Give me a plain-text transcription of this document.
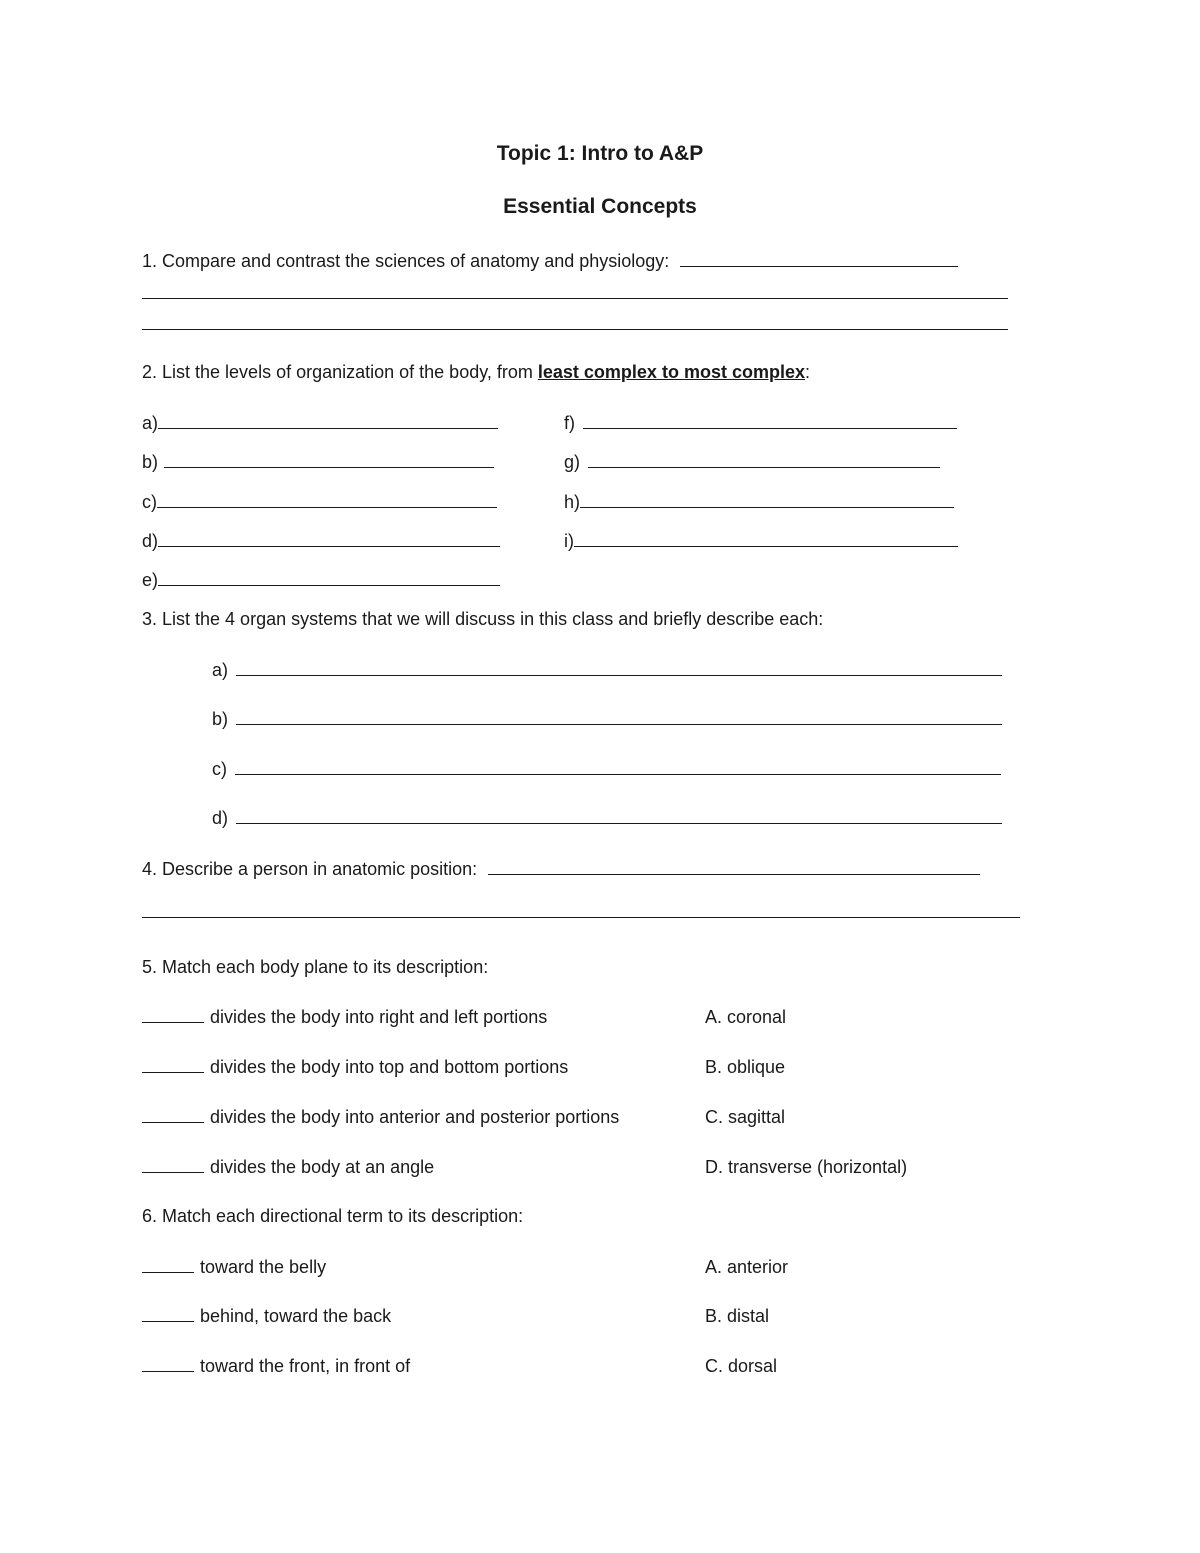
Topic 1: Intro to A&P
Essential Concepts
1. Compare and contrast the sciences of anatomy and physiology:
2. List the levels of organization of the body, from least complex to most complex:
a)
b)
c)
d)
e)
f)
g)
h)
i)
3. List the 4 organ systems that we will discuss in this class and briefly describe each:
a)
b)
c)
d)
4. Describe a person in anatomic position:
5. Match each body plane to its description:
divides the body into right and left portions
divides the body into top and bottom portions
divides the body into anterior and posterior portions
divides the body at an angle
A. coronal
B. oblique
C. sagittal
D. transverse (horizontal)
6. Match each directional term to its description:
toward the belly
behind, toward the back
toward the front, in front of
A. anterior
B. distal
C. dorsal
